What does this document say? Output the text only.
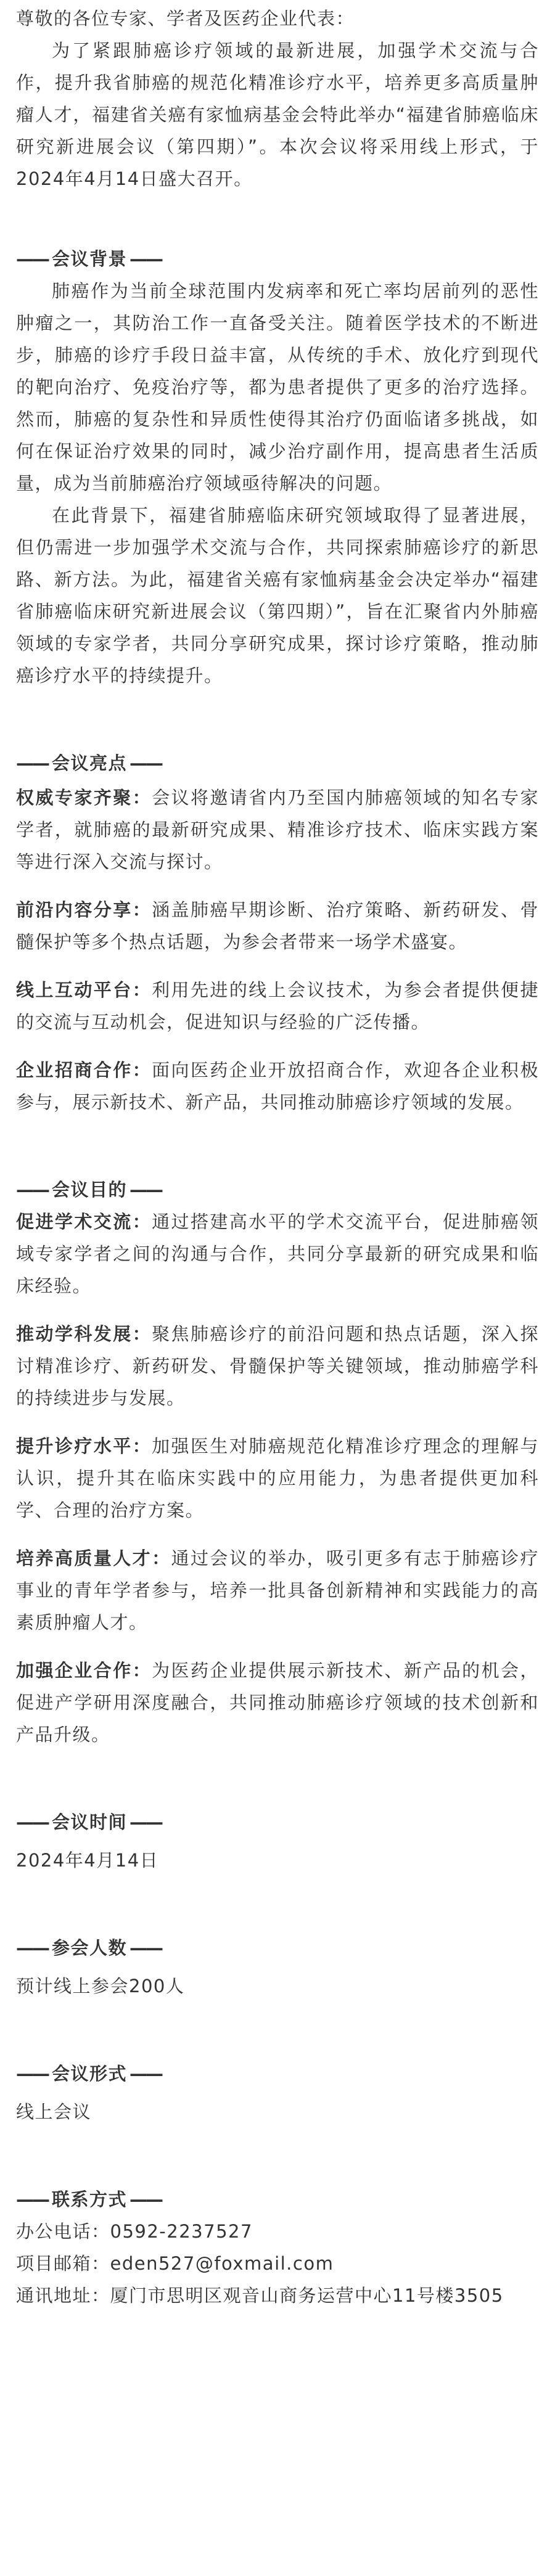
尊敬的各位专家、学者及医药企业代表：

为了紧跟肺癌诊疗领域的最新进展，加强学术交流与合作，提升我省肺癌的规范化精准诊疗水平，培养更多高质量肿瘤人才，福建省关癌有家恤病基金会特此举办“福建省肺癌临床研究新进展会议（第四期）”。本次会议将采用线上形式，于2024年4月14日盛大召开。

—— 会议背景 ——

肺癌作为当前全球范围内发病率和死亡率均居前列的恶性肿瘤之一，其防治工作一直备受关注。随着医学技术的不断进步，肺癌的诊疗手段日益丰富，从传统的手术、放化疗到现代的靶向治疗、免疫治疗等，都为患者提供了更多的治疗选择。然而，肺癌的复杂性和异质性使得其治疗仍面临诸多挑战，如何在保证治疗效果的同时，减少治疗副作用，提高患者生活质量，成为当前肺癌治疗领域亟待解决的问题。

在此背景下，福建省肺癌临床研究领域取得了显著进展，但仍需进一步加强学术交流与合作，共同探索肺癌诊疗的新思路、新方法。为此，福建省关癌有家恤病基金会决定举办“福建省肺癌临床研究新进展会议（第四期）”，旨在汇聚省内外肺癌领域的专家学者，共同分享研究成果，探讨诊疗策略，推动肺癌诊疗水平的持续提升。

—— 会议亮点 ——

权威专家齐聚：会议将邀请省内乃至国内肺癌领域的知名专家学者，就肺癌的最新研究成果、精准诊疗技术、临床实践方案等进行深入交流与探讨。

前沿内容分享：涵盖肺癌早期诊断、治疗策略、新药研发、骨髓保护等多个热点话题，为参会者带来一场学术盛宴。

线上互动平台：利用先进的线上会议技术，为参会者提供便捷的交流与互动机会，促进知识与经验的广泛传播。

企业招商合作：面向医药企业开放招商合作，欢迎各企业积极参与，展示新技术、新产品，共同推动肺癌诊疗领域的发展。

—— 会议目的 ——

促进学术交流：通过搭建高水平的学术交流平台，促进肺癌领域专家学者之间的沟通与合作，共同分享最新的研究成果和临床经验。

推动学科发展：聚焦肺癌诊疗的前沿问题和热点话题，深入探讨精准诊疗、新药研发、骨髓保护等关键领域，推动肺癌学科的持续进步与发展。

提升诊疗水平：加强医生对肺癌规范化精准诊疗理念的理解与认识，提升其在临床实践中的应用能力，为患者提供更加科学、合理的治疗方案。

培养高质量人才：通过会议的举办，吸引更多有志于肺癌诊疗事业的青年学者参与，培养一批具备创新精神和实践能力的高素质肿瘤人才。

加强企业合作：为医药企业提供展示新技术、新产品的机会，促进产学研用深度融合，共同推动肺癌诊疗领域的技术创新和产品升级。

—— 会议时间 ——

2024年4月14日

—— 参会人数 ——

预计线上参会200人

—— 会议形式 ——

线上会议

—— 联系方式 ——

办公电话：0592-2237527

项目邮箱：eden527@foxmail.com

通讯地址：厦门市思明区观音山商务运营中心11号楼3505
